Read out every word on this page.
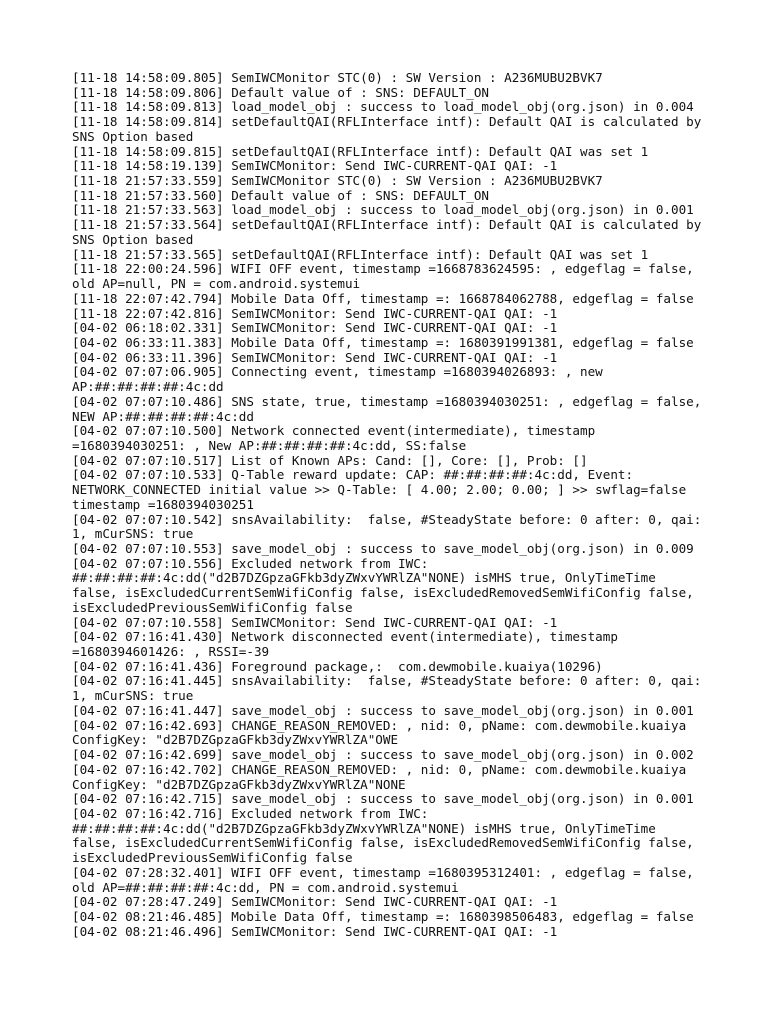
[11-18 14:58:09.805] SemIWCMonitor STC(0) : SW Version : A236MUBU2BVK7
[11-18 14:58:09.806] Default value of : SNS: DEFAULT_ON
[11-18 14:58:09.813] load_model_obj : success to load_model_obj(org.json) in 0.004
[11-18 14:58:09.814] setDefaultQAI(RFLInterface intf): Default QAI is calculated by
SNS Option based
[11-18 14:58:09.815] setDefaultQAI(RFLInterface intf): Default QAI was set 1
[11-18 14:58:19.139] SemIWCMonitor: Send IWC-CURRENT-QAI QAI: -1
[11-18 21:57:33.559] SemIWCMonitor STC(0) : SW Version : A236MUBU2BVK7
[11-18 21:57:33.560] Default value of : SNS: DEFAULT_ON
[11-18 21:57:33.563] load_model_obj : success to load_model_obj(org.json) in 0.001
[11-18 21:57:33.564] setDefaultQAI(RFLInterface intf): Default QAI is calculated by
SNS Option based
[11-18 21:57:33.565] setDefaultQAI(RFLInterface intf): Default QAI was set 1
[11-18 22:00:24.596] WIFI OFF event, timestamp =1668783624595: , edgeflag = false,
old AP=null, PN = com.android.systemui
[11-18 22:07:42.794] Mobile Data Off, timestamp =: 1668784062788, edgeflag = false
[11-18 22:07:42.816] SemIWCMonitor: Send IWC-CURRENT-QAI QAI: -1
[04-02 06:18:02.331] SemIWCMonitor: Send IWC-CURRENT-QAI QAI: -1
[04-02 06:33:11.383] Mobile Data Off, timestamp =: 1680391991381, edgeflag = false
[04-02 06:33:11.396] SemIWCMonitor: Send IWC-CURRENT-QAI QAI: -1
[04-02 07:07:06.905] Connecting event, timestamp =1680394026893: , new
AP:##:##:##:##:4c:dd
[04-02 07:07:10.486] SNS state, true, timestamp =1680394030251: , edgeflag = false,
NEW AP:##:##:##:##:4c:dd
[04-02 07:07:10.500] Network connected event(intermediate), timestamp
=1680394030251: , New AP:##:##:##:##:4c:dd, SS:false
[04-02 07:07:10.517] List of Known APs: Cand: [], Core: [], Prob: []
[04-02 07:07:10.533] Q-Table reward update: CAP: ##:##:##:##:4c:dd, Event:
NETWORK_CONNECTED initial value >> Q-Table: [ 4.00; 2.00; 0.00; ] >> swflag=false
timestamp =1680394030251
[04-02 07:07:10.542] snsAvailability:  false, #SteadyState before: 0 after: 0, qai:
1, mCurSNS: true
[04-02 07:07:10.553] save_model_obj : success to save_model_obj(org.json) in 0.009
[04-02 07:07:10.556] Excluded network from IWC:
##:##:##:##:4c:dd("d2B7DZGpzaGFkb3dyZWxvYWRlZA"NONE) isMHS true, OnlyTimeTime
false, isExcludedCurrentSemWifiConfig false, isExcludedRemovedSemWifiConfig false,
isExcludedPreviousSemWifiConfig false
[04-02 07:07:10.558] SemIWCMonitor: Send IWC-CURRENT-QAI QAI: -1
[04-02 07:16:41.430] Network disconnected event(intermediate), timestamp
=1680394601426: , RSSI=-39
[04-02 07:16:41.436] Foreground package,:  com.dewmobile.kuaiya(10296)
[04-02 07:16:41.445] snsAvailability:  false, #SteadyState before: 0 after: 0, qai:
1, mCurSNS: true
[04-02 07:16:41.447] save_model_obj : success to save_model_obj(org.json) in 0.001
[04-02 07:16:42.693] CHANGE_REASON_REMOVED: , nid: 0, pName: com.dewmobile.kuaiya
ConfigKey: "d2B7DZGpzaGFkb3dyZWxvYWRlZA"OWE
[04-02 07:16:42.699] save_model_obj : success to save_model_obj(org.json) in 0.002
[04-02 07:16:42.702] CHANGE_REASON_REMOVED: , nid: 0, pName: com.dewmobile.kuaiya
ConfigKey: "d2B7DZGpzaGFkb3dyZWxvYWRlZA"NONE
[04-02 07:16:42.715] save_model_obj : success to save_model_obj(org.json) in 0.001
[04-02 07:16:42.716] Excluded network from IWC:
##:##:##:##:4c:dd("d2B7DZGpzaGFkb3dyZWxvYWRlZA"NONE) isMHS true, OnlyTimeTime
false, isExcludedCurrentSemWifiConfig false, isExcludedRemovedSemWifiConfig false,
isExcludedPreviousSemWifiConfig false
[04-02 07:28:32.401] WIFI OFF event, timestamp =1680395312401: , edgeflag = false,
old AP=##:##:##:##:4c:dd, PN = com.android.systemui
[04-02 07:28:47.249] SemIWCMonitor: Send IWC-CURRENT-QAI QAI: -1
[04-02 08:21:46.485] Mobile Data Off, timestamp =: 1680398506483, edgeflag = false
[04-02 08:21:46.496] SemIWCMonitor: Send IWC-CURRENT-QAI QAI: -1
